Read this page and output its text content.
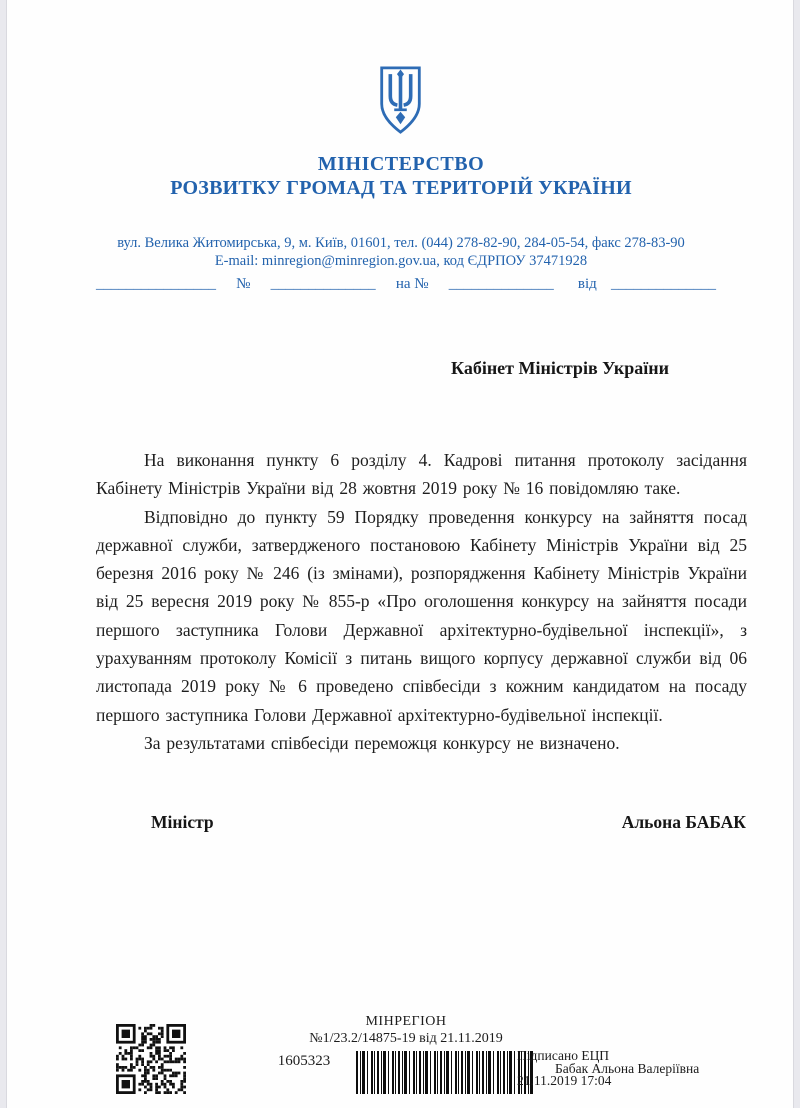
МІНІСТЕРСТВО
РОЗВИТКУ ГРОМАД ТА ТЕРИТОРІЙ УКРАЇНИ
вул. Велика Житомирська, 9, м. Київ, 01601, тел. (044) 278-82-90, 284-05-54, факс 278-83-90
E-mail: minregion@minregion.gov.ua, код ЄДРПОУ 37471928
________________ № ______________ на № ______________ від ______________
Кабінет Міністрів України

На виконання пункту 6 розділу 4. Кадрові питання протоколу засідання Кабінету Міністрів України від 28 жовтня 2019 року № 16 повідомляю таке.

Відповідно до пункту 59 Порядку проведення конкурсу на зайняття посад державної служби, затвердженого постановою Кабінету Міністрів України від 25 березня 2016 року № 246 (із змінами), розпорядження Кабінету Міністрів України від 25 вересня 2019 року № 855-р «Про оголошення конкурсу на зайняття посади першого заступника Голови Державної архітектурно-будівельної інспекції», з урахуванням протоколу Комісії з питань вищого корпусу державної служби від 06 листопада 2019 року № 6 проведено співбесіди з кожним кандидатом на посаду першого заступника Голови Державної архітектурно-будівельної інспекції.

За результатами співбесіди переможця конкурсу не визначено.

Міністр	Альона БАБАК
МІНРЕГІОН
№1/23.2/14875-19 від 21.11.2019
1605323	Підписано ЕЦП
Бабак Альона Валеріївна
21.11.2019 17:04
